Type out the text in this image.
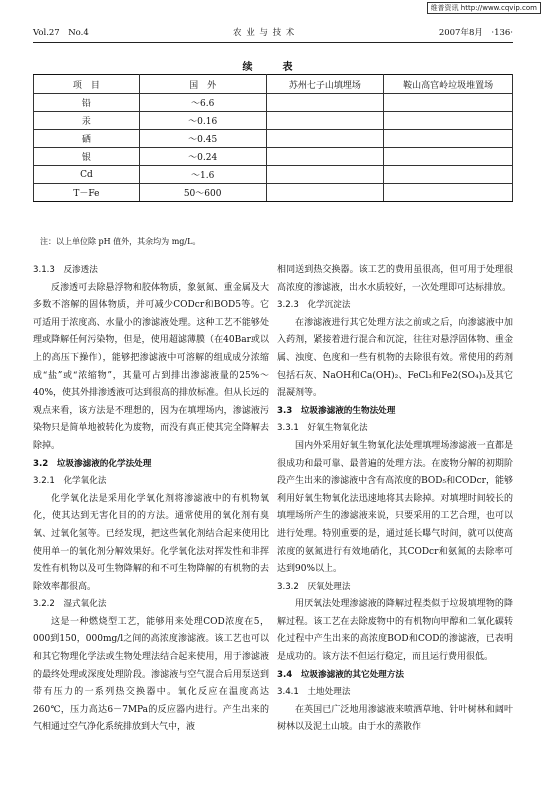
维普资讯 http://www.cqvip.com
Vol.27　No.4	农 业 与 技 术	2007年8月　·136·
续　表
项　目	国　外	苏州七子山填埋场	鞍山高官岭垃圾堆置场
铅	～6.6		
汞	～0.16		
硒	～0.45		
银	～0.24		
Cd	～1.6		
T－Fe	50～600		
注：以上单位除 pH 值外，其余均为 mg/L。
3.1.3　反渗透法

反渗透可去除悬浮物和胶体物质，象氨氮、重金属及大多数不溶解的固体物质，并可减少CODcr和BOD5等。它可适用于浓度高、水量小的渗滤液处理。这种工艺不能够处理或降解任何污染物，但是，使用超滤薄膜（在40Bar或以上的高压下操作），能够把渗滤液中可溶解的组成成分浓缩成“盐”或“浓缩物”，其量可占到排出渗滤液量的25%～40%，使其外排渗透液可达到很高的排放标准。但从长远的观点来看，该方法是不理想的，因为在填埋场内，渗滤液污染物只是简单地被转化为废物，而没有真正使其完全降解去除掉。

3.2　垃圾渗滤液的化学法处理
3.2.1　化学氧化法

化学氧化法是采用化学氧化剂将渗滤液中的有机物氧化，使其达到无害化目的的方法。通常使用的氧化剂有臭氧、过氧化氢等。已经发现，把这些氧化剂结合起来使用比使用单一的氧化剂分解效果好。化学氧化法对挥发性和非挥发性有机物以及可生物降解的和不可生物降解的有机物的去除效率都很高。

3.2.2　湿式氧化法

这是一种燃烧型工艺，能够用来处理COD浓度在5，000到150，000mg/l之间的高浓度渗滤液。该工艺也可以和其它物理化学法或生物处理法结合起来使用，用于渗滤液的最终处理或深度处理阶段。渗滤液与空气混合后用泵送到带有压力的一系列热交换器中。氧化反应在温度高达260℃，压力高达6－7MPa的反应器内进行。产生出来的气相通过空气净化系统排放到大气中，液

相同送到热交换器。该工艺的费用虽很高，但可用于处理很高浓度的渗滤液，出水水质较好，一次处理即可达标排放。

3.2.3　化学沉淀法

在渗滤液进行其它处理方法之前或之后，向渗滤液中加入药剂，紧接着进行混合和沉淀，往往对悬浮固体物、重金属、浊度、色度和一些有机物的去除很有效。常使用的药剂包括石灰、NaOH和Ca(OH)₂、FeCl₃和Fe2(SO₄)₃及其它混凝剂等。

3.3　垃圾渗滤液的生物法处理
3.3.1　好氧生物氧化法

国内外采用好氧生物氧化法处理填埋场渗滤液一直都是很成功和最可靠、最普遍的处理方法。在废物分解的初期阶段产生出来的渗滤液中含有高浓度的BOD₅和CODcr，能够利用好氧生物氧化法迅速地将其去除掉。对填埋时间较长的填埋场所产生的渗滤液来说，只要采用的工艺合理，也可以进行处理。特别重要的是，通过延长曝气时间，就可以使高浓度的氨氮进行有效地硝化，其CODcr和氨氮的去除率可达到90%以上。

3.3.2　厌氧处理法

用厌氧法处理渗滤液的降解过程类似于垃圾填埋物的降解过程。该工艺在去除废物中的有机物向甲醇和二氧化碳转化过程中产生出来的高浓度BOD和COD的渗滤液，已表明是成功的。该方法不但运行稳定，而且运行费用很低。

3.4　垃圾渗滤液的其它处理方法
3.4.1　土地处理法

在英国已广泛地用渗滤液来喷洒草地、针叶树林和阔叶树林以及泥土山坡。由于水的蒸散作
